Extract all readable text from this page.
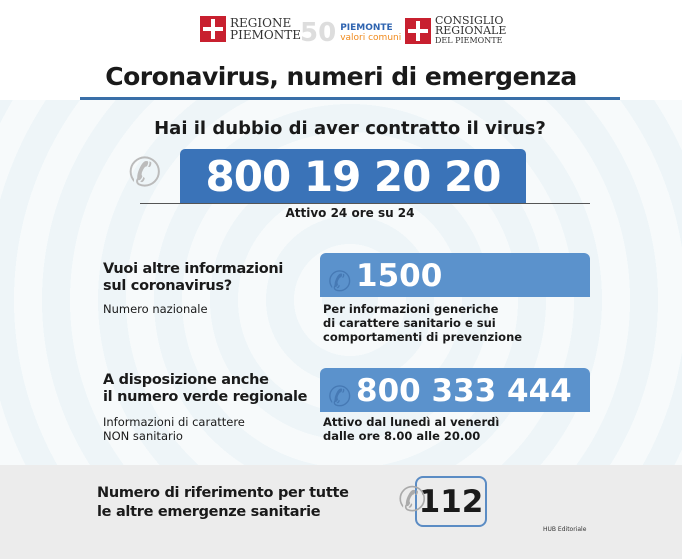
REGIONE
PIEMONTE 50 PIEMONTE
valori comuni
CONSIGLIO
REGIONALE
DEL PIEMONTE
Coronavirus, numeri di emergenza
Hai il dubbio di aver contratto il virus?
✆	800 19 20 20
Attivo 24 ore su 24
Vuoi altre informazioni
sul coronavirus?
Numero nazionale
✆ 1500
Per informazioni generiche
di carattere sanitario e sui
comportamenti di prevenzione
A disposizione anche
il numero verde regionale
Informazioni di carattere
NON sanitario
✆ 800 333 444
Attivo dal lunedì al venerdì
dalle ore 8.00 alle 20.00
Numero di riferimento per tutte
le altre emergenze sanitarie	112
✆
HUB Editoriale
